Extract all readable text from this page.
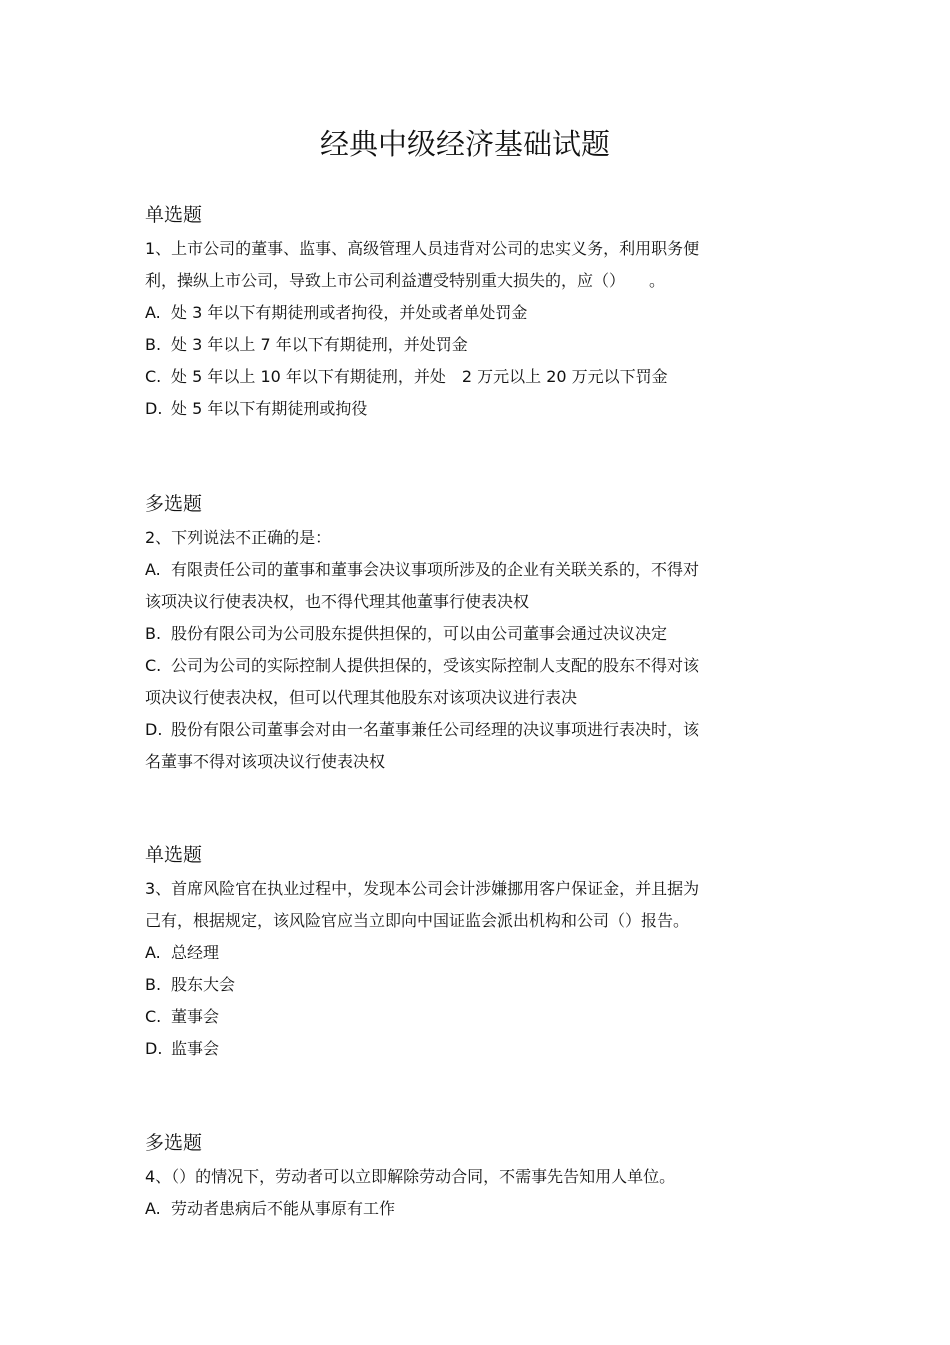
经典中级经济基础试题
单选题

1、上市公司的董事、监事、高级管理人员违背对公司的忠实义务，利用职务便

利，操纵上市公司，导致上市公司利益遭受特别重大损失的，应（）　　。

A. 处 3 年以下有期徒刑或者拘役，并处或者单处罚金

B. 处 3 年以上 7 年以下有期徒刑，并处罚金

C. 处 5 年以上 10 年以下有期徒刑，并处　2 万元以上 20 万元以下罚金

D. 处 5 年以下有期徒刑或拘役

多选题

2、下列说法不正确的是：

A. 有限责任公司的董事和董事会决议事项所涉及的企业有关联关系的，不得对

该项决议行使表决权，也不得代理其他董事行使表决权

B. 股份有限公司为公司股东提供担保的，可以由公司董事会通过决议决定

C. 公司为公司的实际控制人提供担保的，受该实际控制人支配的股东不得对该

项决议行使表决权，但可以代理其他股东对该项决议进行表决

D. 股份有限公司董事会对由一名董事兼任公司经理的决议事项进行表决时，该

名董事不得对该项决议行使表决权

单选题

3、首席风险官在执业过程中，发现本公司会计涉嫌挪用客户保证金，并且据为

己有，根据规定，该风险官应当立即向中国证监会派出机构和公司（）报告。

A. 总经理

B. 股东大会

C. 董事会

D. 监事会

多选题

4、（）的情况下，劳动者可以立即解除劳动合同，不需事先告知用人单位。

A. 劳动者患病后不能从事原有工作
